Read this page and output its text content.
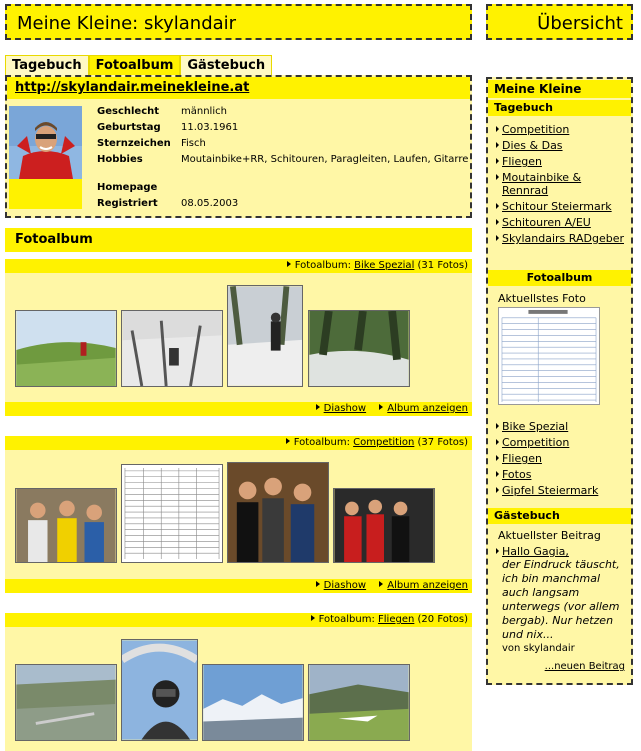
Meine Kleine: skylandair	Übersicht
Tagebuch	Fotoalbum	Gästebuch
http://skylandair.meinekleine.at
Geschlecht	männlich
Geburtstag	11.03.1961
Sternzeichen	Fisch
Hobbies	Moutainbike+RR, Schitouren, Paragleiten, Laufen, Gitarre
Homepage
Registriert	08.05.2003
Fotoalbum
Fotoalbum: Bike Spezial (31 Fotos)
Diashow Album anzeigen
Fotoalbum: Competition (37 Fotos)
Diashow Album anzeigen
Fotoalbum: Fliegen (20 Fotos)
Meine Kleine
Tagebuch
Competition
Dies & Das
Fliegen
Moutainbike & Rennrad
Schitour Steiermark
Schitouren A/EU
Skylandairs RADgeber
Fotoalbum
Aktuellstes Foto
Bike Spezial
Competition
Fliegen
Fotos
Gipfel Steiermark
Gästebuch
Aktuellster Beitrag
Hallo Gagia,
der Eindruck täuscht, ich bin manchmal auch langsam unterwegs (vor allem bergab). Nur hetzen und nix...
von skylandair
...neuen Beitrag
